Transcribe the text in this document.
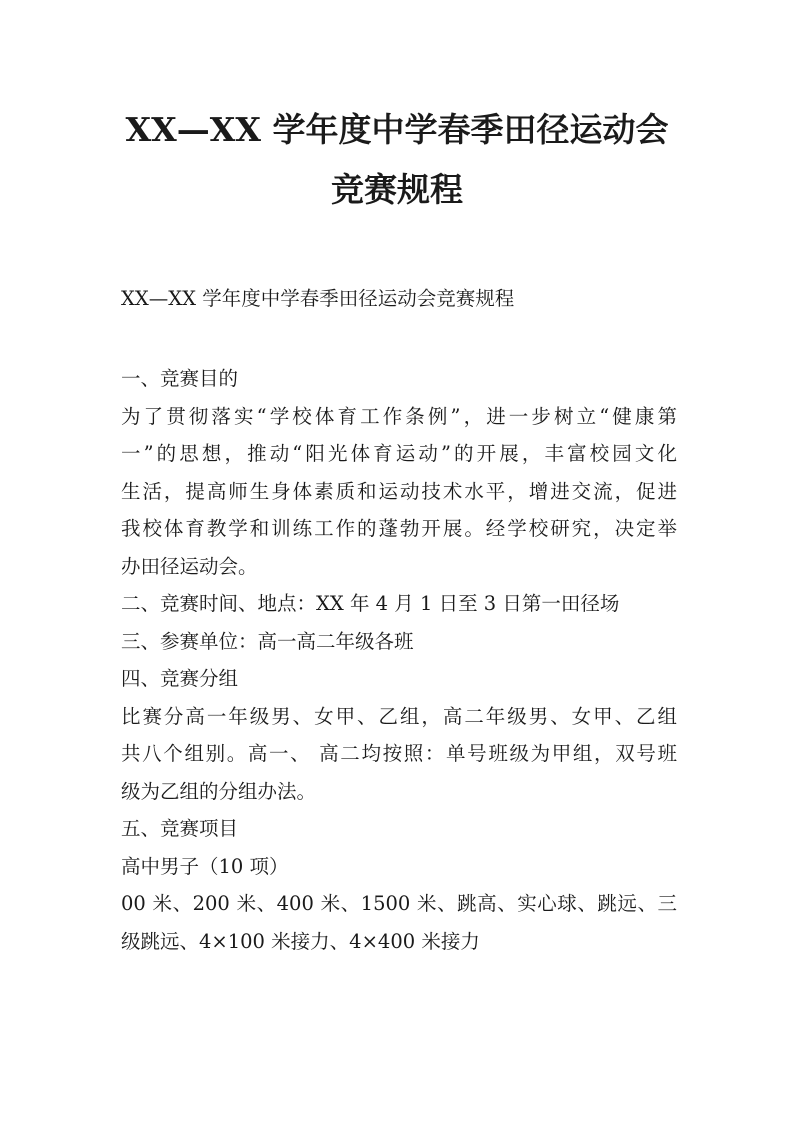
XX—XX 学年度中学春季田径运动会
竞赛规程
XX—XX 学年度中学春季田径运动会竞赛规程
一、竞赛目的
为了贯彻落实“学校体育工作条例”，进一步树立“健康第
一”的思想，推动“阳光体育运动”的开展，丰富校园文化
生活，提高师生身体素质和运动技术水平，增进交流，促进
我校体育教学和训练工作的蓬勃开展。经学校研究，决定举
办田径运动会。
二、竞赛时间、地点：XX 年 4 月 1 日至 3 日第一田径场
三、参赛单位：高一高二年级各班
四、竞赛分组
比赛分高一年级男、女甲、乙组，高二年级男、女甲、乙组
共八个组别。高一、 高二均按照：单号班级为甲组，双号班
级为乙组的分组办法。
五、竞赛项目
高中男子（10 项）
00 米、200 米、400 米、1500 米、跳高、实心球、跳远、三
级跳远、4×100 米接力、4×400 米接力
